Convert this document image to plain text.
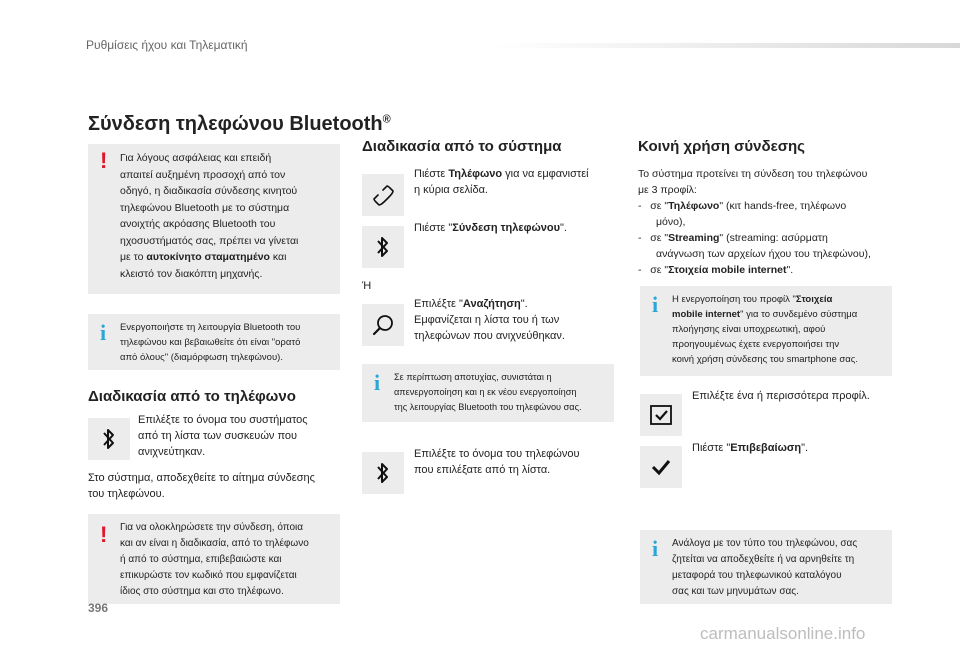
Ρυθμίσεις ήχου και Τηλεματική
Σύνδεση τηλεφώνου Bluetooth®
! Για λόγους ασφάλειας και επειδή
απαιτεί αυξημένη προσοχή από τον
οδηγό, η διαδικασία σύνδεσης κινητού
τηλεφώνου Bluetooth με το σύστημα
ανοιχτής ακρόασης Bluetooth του
ηχοσυστήματός σας, πρέπει να γίνεται
με το αυτοκίνητο σταματημένο και
κλειστό τον διακόπτη μηχανής.
i Ενεργοποιήστε τη λειτουργία Bluetooth του
τηλεφώνου και βεβαιωθείτε ότι είναι "ορατό
από όλους" (διαμόρφωση τηλεφώνου).
Διαδικασία από το τηλέφωνο
Επιλέξτε το όνομα του συστήματος
από τη λίστα των συσκευών που
ανιχνεύτηκαν.
Στο σύστημα, αποδεχθείτε το αίτημα σύνδεσης
του τηλεφώνου.
! Για να ολοκληρώσετε την σύνδεση, όποια
και αν είναι η διαδικασία, από το τηλέφωνο
ή από το σύστημα, επιβεβαιώστε και
επικυρώστε τον κωδικό που εμφανίζεται
ίδιος στο σύστημα και στο τηλέφωνο.
Διαδικασία από το σύστημα
Πιέστε Τηλέφωνο για να εμφανιστεί
η κύρια σελίδα.
Πιέστε "Σύνδεση τηλεφώνου".
Ή
Επιλέξτε "Αναζήτηση".
Εμφανίζεται η λίστα του ή των
τηλεφώνων που ανιχνεύθηκαν.
i Σε περίπτωση αποτυχίας, συνιστάται η
απενεργοποίηση και η εκ νέου ενεργοποίηση
της λειτουργίας Bluetooth του τηλεφώνου σας.
Επιλέξτε το όνομα του τηλεφώνου
που επιλέξατε από τη λίστα.
Κοινή χρήση σύνδεσης
Το σύστημα προτείνει τη σύνδεση του τηλεφώνου
με 3 προφίλ:
-   σε "Τηλέφωνο" (κιτ hands-free, τηλέφωνο
μόνο),
-   σε "Streaming" (streaming: ασύρματη
ανάγνωση των αρχείων ήχου του τηλεφώνου),
-   σε "Στοιχεία mobile internet".
i Η ενεργοποίηση του προφίλ "Στοιχεία
mobile internet" για το συνδεμένο σύστημα
πλοήγησης είναι υποχρεωτική, αφού
προηγουμένως έχετε ενεργοποιήσει την
κοινή χρήση σύνδεσης του smartphone σας.
Επιλέξτε ένα ή περισσότερα προφίλ.
Πιέστε "Επιβεβαίωση".
i Ανάλογα με τον τύπο του τηλεφώνου, σας
ζητείται να αποδεχθείτε ή να αρνηθείτε τη
μεταφορά του τηλεφωνικού καταλόγου
σας και των μηνυμάτων σας.
396
carmanualsonline.info
